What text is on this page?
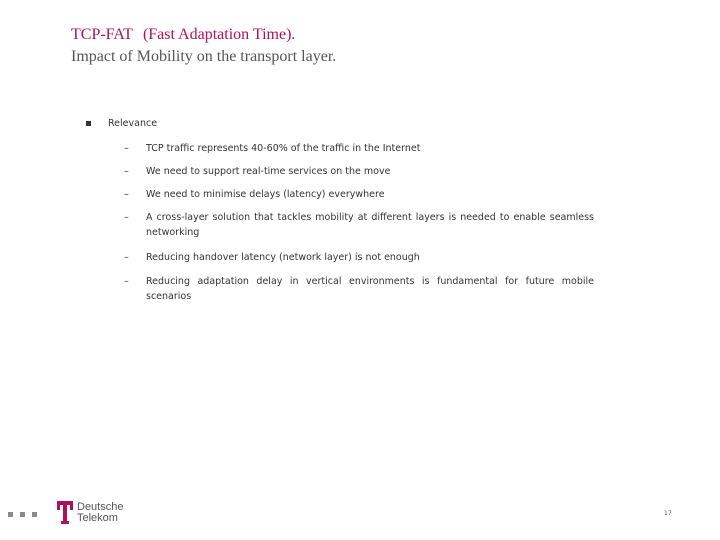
TCP-FAT (Fast Adaptation Time).
Impact of Mobility on the transport layer.
Relevance
– TCP traffic represents 40-60% of the traffic in the Internet
– We need to support real-time services on the move
– We need to minimise delays (latency) everywhere
– A cross-layer solution that tackles mobility at different layers is needed to enable seamless networking
– Reducing handover latency (network layer) is not enough
– Reducing adaptation delay in vertical environments is fundamental for future mobile scenarios
Deutsche
Telekom	17
